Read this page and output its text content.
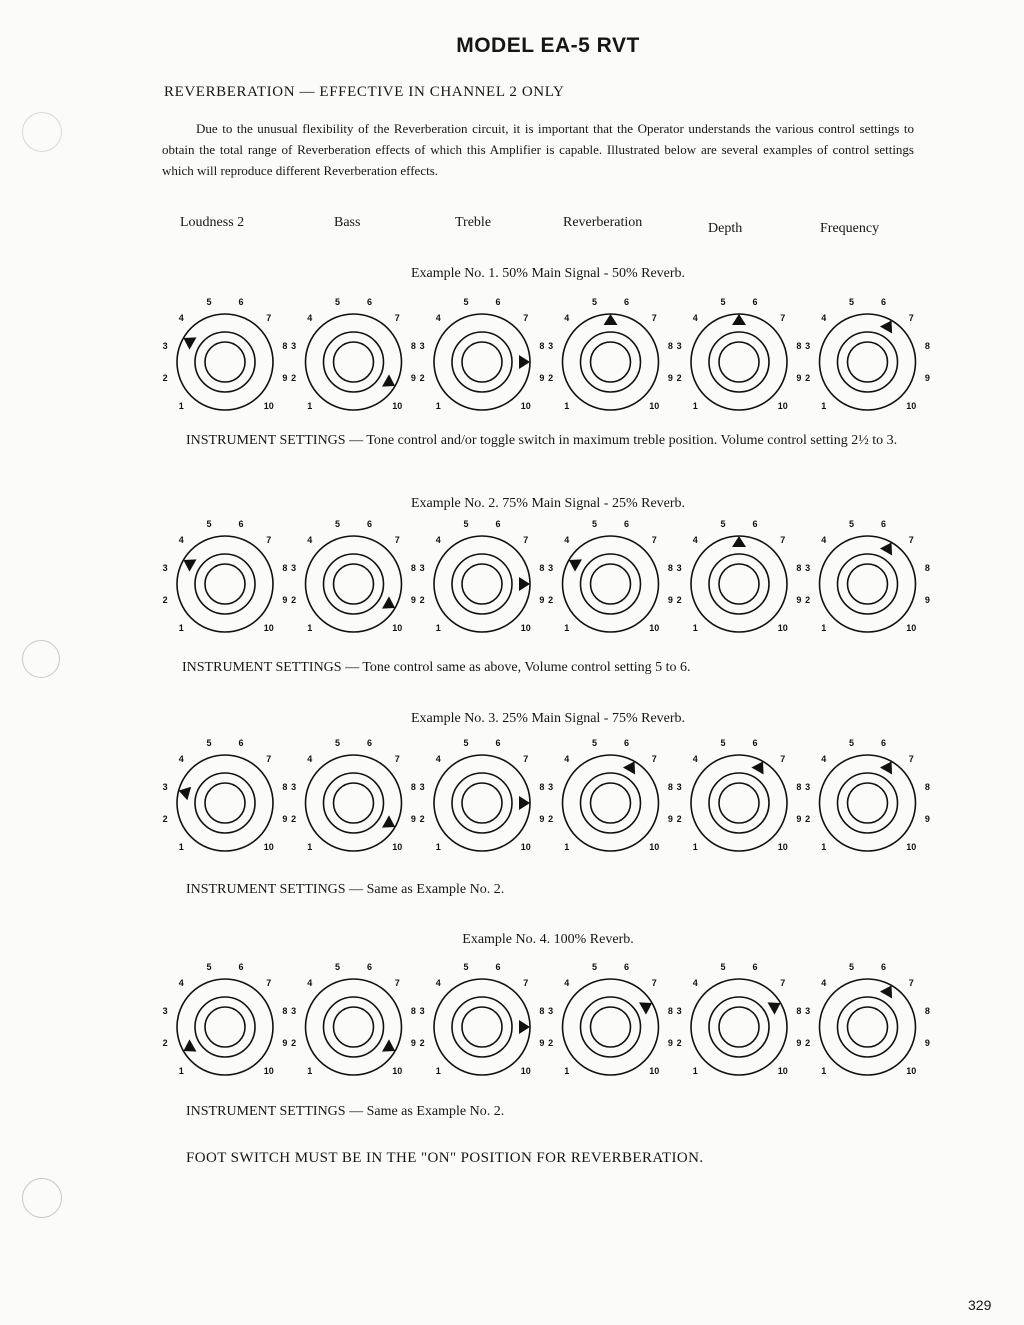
MODEL EA-5 RVT
REVERBERATION — EFFECTIVE IN CHANNEL 2 ONLY
Due to the unusual flexibility of the Reverberation circuit, it is important that the Operator understands the various control settings to obtain the total range of Reverberation effects of which this Amplifier is capable. Illustrated below are several examples of control settings which will reproduce different Reverberation effects.
Loudness 2	Bass	Treble	Reverberation	Depth	Frequency
Example No. 1. 50% Main Signal - 50% Reverb.
1
2
3
4
5	6
7
8
9
10	1
2
3
4
5	6
7
8
9
10	1
2
3
4
5	6
7
8
9
10	1
2
3
4
5	6
7
8
9
10	1
2
3
4
5	6
7
8
9
10	1
2
3
4
5	6
7
8
9
10
INSTRUMENT SETTINGS — Tone control and/or toggle switch in maximum treble position. Volume control setting 2½ to 3.
Example No. 2. 75% Main Signal - 25% Reverb.
1
2
3
4
5	6
7
8
9
10	1
2
3
4
5	6
7
8
9
10	1
2
3
4
5	6
7
8
9
10	1
2
3
4
5	6
7
8
9
10	1
2
3
4
5	6
7
8
9
10	1
2
3
4
5	6
7
8
9
10
INSTRUMENT SETTINGS — Tone control same as above, Volume control setting 5 to 6.
Example No. 3. 25% Main Signal - 75% Reverb.
1
2
3
4
5	6
7
8
9
10	1
2
3
4
5	6
7
8
9
10	1
2
3
4
5	6
7
8
9
10	1
2
3
4
5	6
7
8
9
10	1
2
3
4
5	6
7
8
9
10	1
2
3
4
5	6
7
8
9
10
INSTRUMENT SETTINGS — Same as Example No. 2.
Example No. 4. 100% Reverb.
1
2
3
4
5	6
7
8
9
10	1
2
3
4
5	6
7
8
9
10	1
2
3
4
5	6
7
8
9
10	1
2
3
4
5	6
7
8
9
10	1
2
3
4
5	6
7
8
9
10	1
2
3
4
5	6
7
8
9
10
INSTRUMENT SETTINGS — Same as Example No. 2.
FOOT SWITCH MUST BE IN THE "ON" POSITION FOR REVERBERATION.
329
